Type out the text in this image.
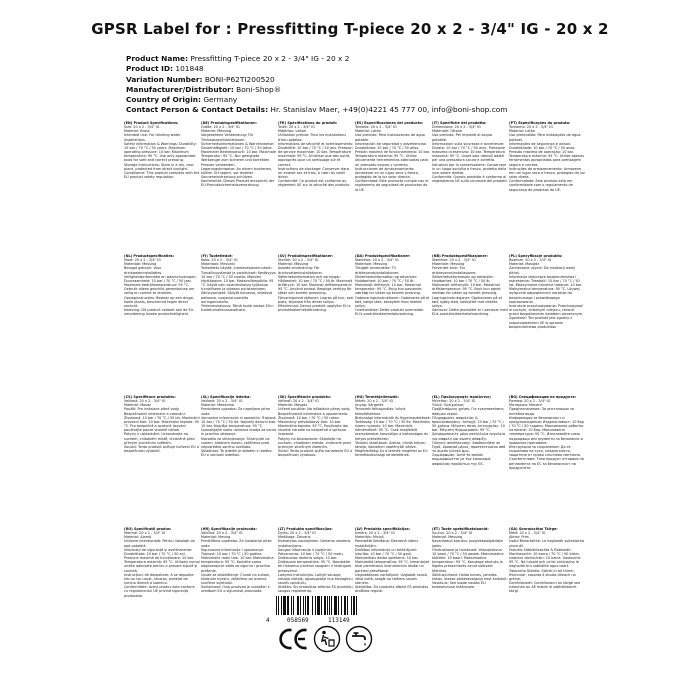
GPSR Label for : Pressfitting T-piece 20 x 2 - 3/4" IG - 20 x 2
Product Name: Pressfitting T-piece 20 x 2 - 3/4" IG - 20 x 2
Product ID: 101848
Variation Number: BONI-P62TI200520
Manufacturer/Distributor: Boni-Shop®
Country of Origin: Germany
Contact Person & Contact Details: Hr. Stanislav Maer, +49(0)4221 45 777 00, info@boni-shop.com
(EN) Product Specifications:

Size: 20 x 2 - 3/4" IG
Material: Brass
Intended Use: For drinking water installations.
Safety information & Warnings: Durability: 10 bar / 70 °C / 50 years. Maximum operating pressure: 10 bar. Maximum temperature: 95 °C. Use only appropriate tools for safe and correct pressing.
Storage Instructions: Store in a dry, cool place, protected from direct sunlight.
Compliance: This product complies with the EU product safety regulation.

(DE) Produktspezifikationen:

Größe: 20 x 2 - 3/4" IG
Material: Messing
Vorgesehene Verwendung: Für Trinkwasserinstallationen.
Sicherheitsinformationen & Warnhinweise: Dauerhaftigkeit: 10 bar / 70 °C / 50 Jahre. Maximaler Betriebsdruck: 10 bar. Maximale Temperatur: 95 °C. Nur geeignete Werkzeuge zum sicheren und korrekten Pressen verwenden.
Lagerungshinweise: An einem trockenen, kühlen Ort lagern, vor direkter Sonneneinstrahlung schützen.
Konformität: Dieses Produkt entspricht der EU-Produktsicherheitsverordnung.

(FR) Spécifications du produit:

Taille: 20 x 2 - 3/4" IG
Matériau: Laiton
Utilisation prévue: Pour les installations d'eau potable.
Informations de sécurité et avertissements: Durabilité: 10 bar / 70 °C / 50 ans. Pression de service maximale: 10 bar. Température maximale: 95 °C. N'utiliser que des outils appropriés pour un sertissage sûr et correct.
Instructions de stockage: Conserver dans un endroit sec et frais, à l'abri du soleil direct.
Conformité: Ce produit est conforme au règlement UE sur la sécurité des produits.

(ES) Especificaciones del producto:

Tamaño: 20 x 2 - 3/4" IG
Material: Latón
Uso previsto: Para instalaciones de agua potable.
Información de seguridad y advertencias: Durabilidad: 10 bar / 70 °C / 50 años. Presión máxima de funcionamiento: 10 bar. Temperatura máxima: 95 °C. Utilice únicamente herramientas adecuadas para un prensado seguro y correcto.
Instrucciones de almacenamiento: Almacenar en un lugar seco y fresco, protegido de la luz solar directa.
Conformidad: Este producto cumple con el reglamento de seguridad de productos de la UE.

(IT) Specifiche del prodotto:

Dimensione: 20 x 2 - 3/4" IG
Materiale: Ottone
Uso previsto: Per impianti di acqua potabile.
Informazioni sulla sicurezza e avvertenze: Durata: 10 bar / 70 °C / 50 anni. Pressione massima di esercizio: 10 bar. Temperatura massima: 95 °C. Usare solo utensili adatti per una pressatura sicura e corretta.
Istruzioni per la conservazione: Conservare in un luogo asciutto e fresco, protetto dalla luce solare diretta.
Conformità: Questo prodotto è conforme al regolamento UE sulla sicurezza dei prodotti.

(PT) Especificações do produto:

Tamanho: 20 x 2 - 3/4" IG
Material: Latão
Uso pretendido: Para instalações de água potável.
Informações de segurança e avisos: Durabilidade: 10 bar / 70 °C / 50 anos. Pressão máxima de operação: 10 bar. Temperatura máxima: 95 °C. Utilize apenas ferramentas apropriadas para prensagem segura e correta.
Instruções de armazenamento: Armazene em um lugar seco e fresco, protegido da luz solar direta.
Conformidade: Este produto está em conformidade com o regulamento de segurança de produtos da UE.

(NL) Productspecificaties:

Maat: 20 x 2 - 3/4" IG
Materiaal: Messing
Beoogd gebruik: Voor drinkwaterinstallaties.
Veiligheidsinformatie en waarschuwingen: Duurzaamheid: 10 bar / 70 °C / 50 jaar. Maximale bedrijfstemperatuur: 95 °C. Gebruik alleen geschikt gereedschap om veilig en correct te drukken.
Opslaginstructies: Bewaar op een droge, koele plaats, beschermd tegen direct zonlicht.
Naleving: Dit product voldoet aan de EU-verordening inzake productveiligheid.

(FI) Tuotetiedot:

Koko: 20 x 2 - 3/4" IG
Materiaali: Messinki
Tarkoitettu käyttö: Juomavesiasennuksiin.
Turvallisuustiedot ja varoitukset: Kestävyys: 10 bar / 70 °C / 50 vuotta. Maksimi käyttöpaine: 10 bar. Maksimilämpötila: 95 °C. Käytä vain asianmukaisia työkaluja turvalliseen ja oikeaan puristamiseen.
Säilytysohjeet: Säilytä kuivassa, viileässä paikassa, suojassa suoralta auringonvalolta.
Yhdenmukaisuus: Tämä tuote vastaa EU:n tuoteturvallisuusasetusta.

(SV) Produktspecifikationer:

Storlek: 20 x 2 - 3/4" IG
Material: Mässing
Avsedd användning: För dricksvatteninstallationer.
Säkerhetsinformation och varningar: Hållbarhet: 10 bar / 70 °C / 50 år. Maximalt drifttryck: 10 bar. Maximal drifttemperatur: 95 °C. Använd endast lämpliga verktyg för säker och korrekt pressning.
Förvaringsinstruktioner: Lagras på torr, sval plats, skyddad från direkt solljus.
Efterlevnad: Denna produkt uppfyller EU:s produktsäkerhetsförordning.

(DA) Produktspecifikationer:

Størrelse: 20 x 2 - 3/4" IG
Materiale: Messing
Tilsigtet anvendelse: Til drikkevandsinstallationer.
Sikkerhedsinformation og advarsler: Holdbarhed: 10 bar / 70 °C / 50 år. Maksimalt driftstryk: 10 bar. Maksimal temperatur: 95 °C. Brug kun passende værktøj for sikker og korrekt presning.
Opbevaringsinstruktioner: Opbevares på et tørt, køligt sted, beskyttet mod direkte sollys.
Overholdelse: Dette produkt overholder EU's produktsikkerhedsforordning.

(NB) Produktspesifikasjoner:

Størrelse: 20 x 2 - 3/4" IG
Materiale: Messing
Forventet bruk: For drikkevannsinstallasjoner.
Sikkerhetsinformasjon og advarsler: Holdbarhet: 10 bar / 70 °C / 50 år. Maksimalt driftstrykk: 10 bar. Maksimal driftstemperatur: 95 °C. Bruk kun egnet verktøy for sikker og korrekt pressing.
Lagringsinstruksjoner: Oppbevares på et tørt, kjølig sted, beskyttet mot direkte sollys.
Samsvar: Dette produktet er i samsvar med EUs produktsikkerhetsforordning.

(PL) Specyfikacje produktu:

Rozmiar: 20 x 2 - 3/4" IG
Materiał: Mosiądz
Zamierzone użycie: Do instalacji wody pitnej.
Informacje dotyczące bezpieczeństwa i ostrzeżenia: Trwałość: 10 bar / 70 °C / 50 lat. Maksymalne ciśnienie robocze: 10 bar. Maksymalna temperatura: 95 °C. Używaj wyłącznie odpowiednich narzędzi do bezpiecznego i prawidłowego zaprasowania.
Instrukcje przechowywania: Przechowywać w suchym, chłodnym miejscu, chronić przed bezpośrednim światłem słonecznym.
Zgodność: Ten produkt jest zgodny z rozporządzeniem UE w sprawie bezpieczeństwa produktów.

(CS) Specifikace produktu:

Velikost: 20 x 2 - 3/4" IG
Materiál: Mosaz
Použití: Pro instalace pitné vody.
Bezpečnostní informace a varování: Životnost: 10 bar / 70 °C / 50 let. Maximální provozní tlak: 10 bar. Maximální teplota: 95 °C. Pro bezpečné a správné lisování používejte pouze vhodné nářadí.
Pokyny k uskladnění: Uchovávejte na suchém, chladném místě, chráněné před přímým slunečním světlem.
Soulad: Tento produkt splňuje nařízení EU o bezpečnosti výrobků.

(SL) Specifikacije izdelka:

Velikost: 20 x 2 - 3/4" IG
Material: Medenina
Predvidena uporaba: Za napeljave pitne vode.
Varnostne informacije in opozorila: Trajnost: 10 bar / 70 °C / 50 let. Največji delovni tlak: 10 bar. Najvišja temperatura: 95 °C. Uporabljajte samo ustrezna orodja za varno in pravilno stiskanje.
Navodila za shranjevanje: Shranjujte na suhem, hladnem mestu, zaščiteno pred neposredno sončno svetlobo.
Skladnost: Ta izdelek je skladen z uredbo EU o varnosti izdelkov.

(SK) Špecifikácie produktu:

Veľkosť: 20 x 2 - 3/4" IG
Materiál: Mosadz
Určené použitie: Na inštalácie pitnej vody.
Bezpečnostné informácie a upozornenia: Životnosť: 10 bar / 70 °C / 50 rokov. Maximálny prevádzkový tlak: 10 bar. Maximálna teplota: 95 °C. Používajte iba vhodné náradie na bezpečné a správne lisovanie.
Pokyny na skladovanie: Skladujte na suchom, chladnom mieste, chránené pred priamym slnečným žiarením.
Súlad: Tento produkt spĺňa nariadenie EÚ o bezpečnosti výrobkov.

(HU) Termékjellemzők:

Méret: 20 x 2 - 3/4" IG
Anyag: Sárgaréz
Tervezett felhasználás: Ivóvíz telepítésekhez.
Biztonsági információk és figyelmeztetések: Tartósság: 10 bar / 70 °C / 50 év. Maximális üzemi nyomás: 10 bar. Maximális hőmérséklet: 95 °C. Csak megfelelő szerszámokat használjon a biztonságos és helyes préseléshez.
Tárolási utasítások: Száraz, hűvös helyen tárolja, közvetlen napfénytől védve.
Megfelelőség: Ez a termék megfelel az EU termékbiztonsági rendeletének.

(EL) Προδιαγραφές προϊόντος:

Μέγεθος: 20 x 2 - 3/4" IG
Υλικό: Ορείχαλκος
Προβλεπόμενη χρήση: Για εγκαταστάσεις πόσιμου νερού.
Πληροφορίες ασφαλείας & προειδοποιήσεις: Αντοχή: 10 bar / 70 °C / 50 χρόνια. Μέγιστη πίεση λειτουργίας: 10 bar. Μέγιστη θερμοκρασία: 95 °C. Χρησιμοποιείτε μόνο κατάλληλα εργαλεία για ασφαλή και σωστή σύσφιξη.
Οδηγίες αποθήκευσης: Αποθηκεύστε σε ξηρό, δροσερό μέρος, προστατευμένο από το άμεσο ηλιακό φως.
Συμμόρφωση: Αυτό το προϊόν συμμορφώνεται με τον κανονισμό ασφαλείας προϊόντων της ΕΕ.

(BG) Спецификации на продукта:

Размер: 20 x 2 - 3/4" IG
Материал: Месинг
Предназначение: За инсталации за питейна вода.
Информация за безопасност и предупреждения: Издръжливост: 10 бар / 70 °C / 50 години. Максимално работно налягане: 10 бар. Максимална температура: 95 °C. Използвайте само подходящи инструменти за безопасно и правилно пресоване.
Инструкции за съхранение: Да се съхранява на сухо, хладно място, защитено от пряка слънчева светлина.
Съответствие: Този продукт отговаря на регламента на ЕС за безопасност на продуктите.

(RO) Specificații produs:

Mărime: 20 x 2 - 3/4" IG
Material: Alamă
Utilizare intenționată: Pentru instalații de apă potabilă.
Informații de siguranță și avertismente: Durabilitate: 10 bar / 70 °C / 50 ani. Presiune maximă de funcționare: 10 bar. Temperatura maximă: 95 °C. Utilizați numai unelte adecvate pentru o presare sigură și corectă.
Instrucțiuni de depozitare: A se depozita într-un loc uscat, răcoros, protejat de lumina directă a soarelui.
Conformitate: Acest produs este conform cu regulamentul UE privind siguranța produselor.

(HR) Specifikacije proizvoda:

Veličina: 20 x 2 - 3/4" IG
Materijal: Mesing
Predviđena upotreba: Za instalacije pitke vode.
Sigurnosne informacije i upozorenja: Trajnost: 10 bar / 70 °C / 50 godina. Maksimalni radni tlak: 10 bar. Maksimalna temperatura: 95 °C. Koristite samo odgovarajuće alate za sigurno i pravilno prešanje.
Upute za skladištenje: Čuvati na suhom, hladnom mjestu, zaštićeno od izravne sunčeve svjetlosti.
Sukladnost: Ovaj proizvod je usklađen s uredbom EU o sigurnosti proizvoda.

(LT) Produkto specifikacijos:

Dydis: 20 x 2 - 3/4" IG
Medžiaga: Žalvaris
Numatytas naudojimas: Geriamo vandens instaliacijoms.
Saugos informacija ir įspėjimai: Patvarumas: 10 bar / 70 °C / 50 metų. Didžiausias darbinis slėgis: 10 bar. Didžiausia temperatūra: 95 °C. Naudokite tik tinkamus įrankius saugiam ir teisingam presavimui.
Laikymo instrukcijos: Laikyti sausoje, vėsioje vietoje, apsaugotoje nuo tiesioginių saulės spindulių.
Atitiktis: Šis produktas atitinka ES produktų saugos reglamentą.

(LV) Produkta specifikācijas:

Izmērs: 20 x 2 - 3/4" IG
Materiāls: Misiņš
Paredzētā lietošana: Dzeramā ūdens instalācijām.
Drošības informācija un brīdinājumi: Izturība: 10 bar / 70 °C / 50 gadi. Maksimālais darba spiediens: 10 bar. Maksimālā temperatūra: 95 °C. Izmantojiet tikai piemērotus instrumentus drošai un pareizai presēšanai.
Uzglabāšanas norādījumi: Uzglabāt sausā, vēsā vietā, sargāt no tiešiem saules stariem.
Atbilstība: Šis produkts atbilst ES produktu drošības regulai.

(ET) Toote spetsifikatsioonid:

Suurus: 20 x 2 - 3/4" IG
Materjal: Messing
Kavandatud kasutus: Joogiveepaigaldiste jaoks.
Ohutusteave ja hoiatused: Vastupidavus: 10 baari / 70 °C / 50 aastat. Maksimaalne töörõhk: 10 baari. Maksimaalne temperatuur: 95 °C. Kasutage ohutuks ja õigeks pressimiseks ainult sobivaid tööriistu.
Säilitusjuhised: Hoida kuivas, jahedas kohas, otsese päikesevalguse eest kaitstult.
Vastavus: See toode vastab ELi tooteohutuse määrusele.

(GA) Sonraíochtaí Táirge:

Méid: 20 x 2 - 3/4" IG
Ábhar: Prás
Úsáid Bheartaithe: Le haghaidh suiteálacha uisce óil.
Faisnéis Sábháilteachta & Rabhaidh: Marthanacht: 10 barra / 70 °C / 50 bliain. Uasbhrú oibriúcháin: 10 barra. Uasteocht: 95 °C. Ná húsáid ach uirlisí oiriúnacha le haghaidh brú sábháilte agus ceart.
Treoracha Stórála: Stóráil in áit thirim, fhionnuar, cosanta ó sholas díreach na gréine.
Comhlíonadh: Comhlíonann an táirge seo rialachán an AE maidir le sábháilteacht táirgí.

4	058569	113149
